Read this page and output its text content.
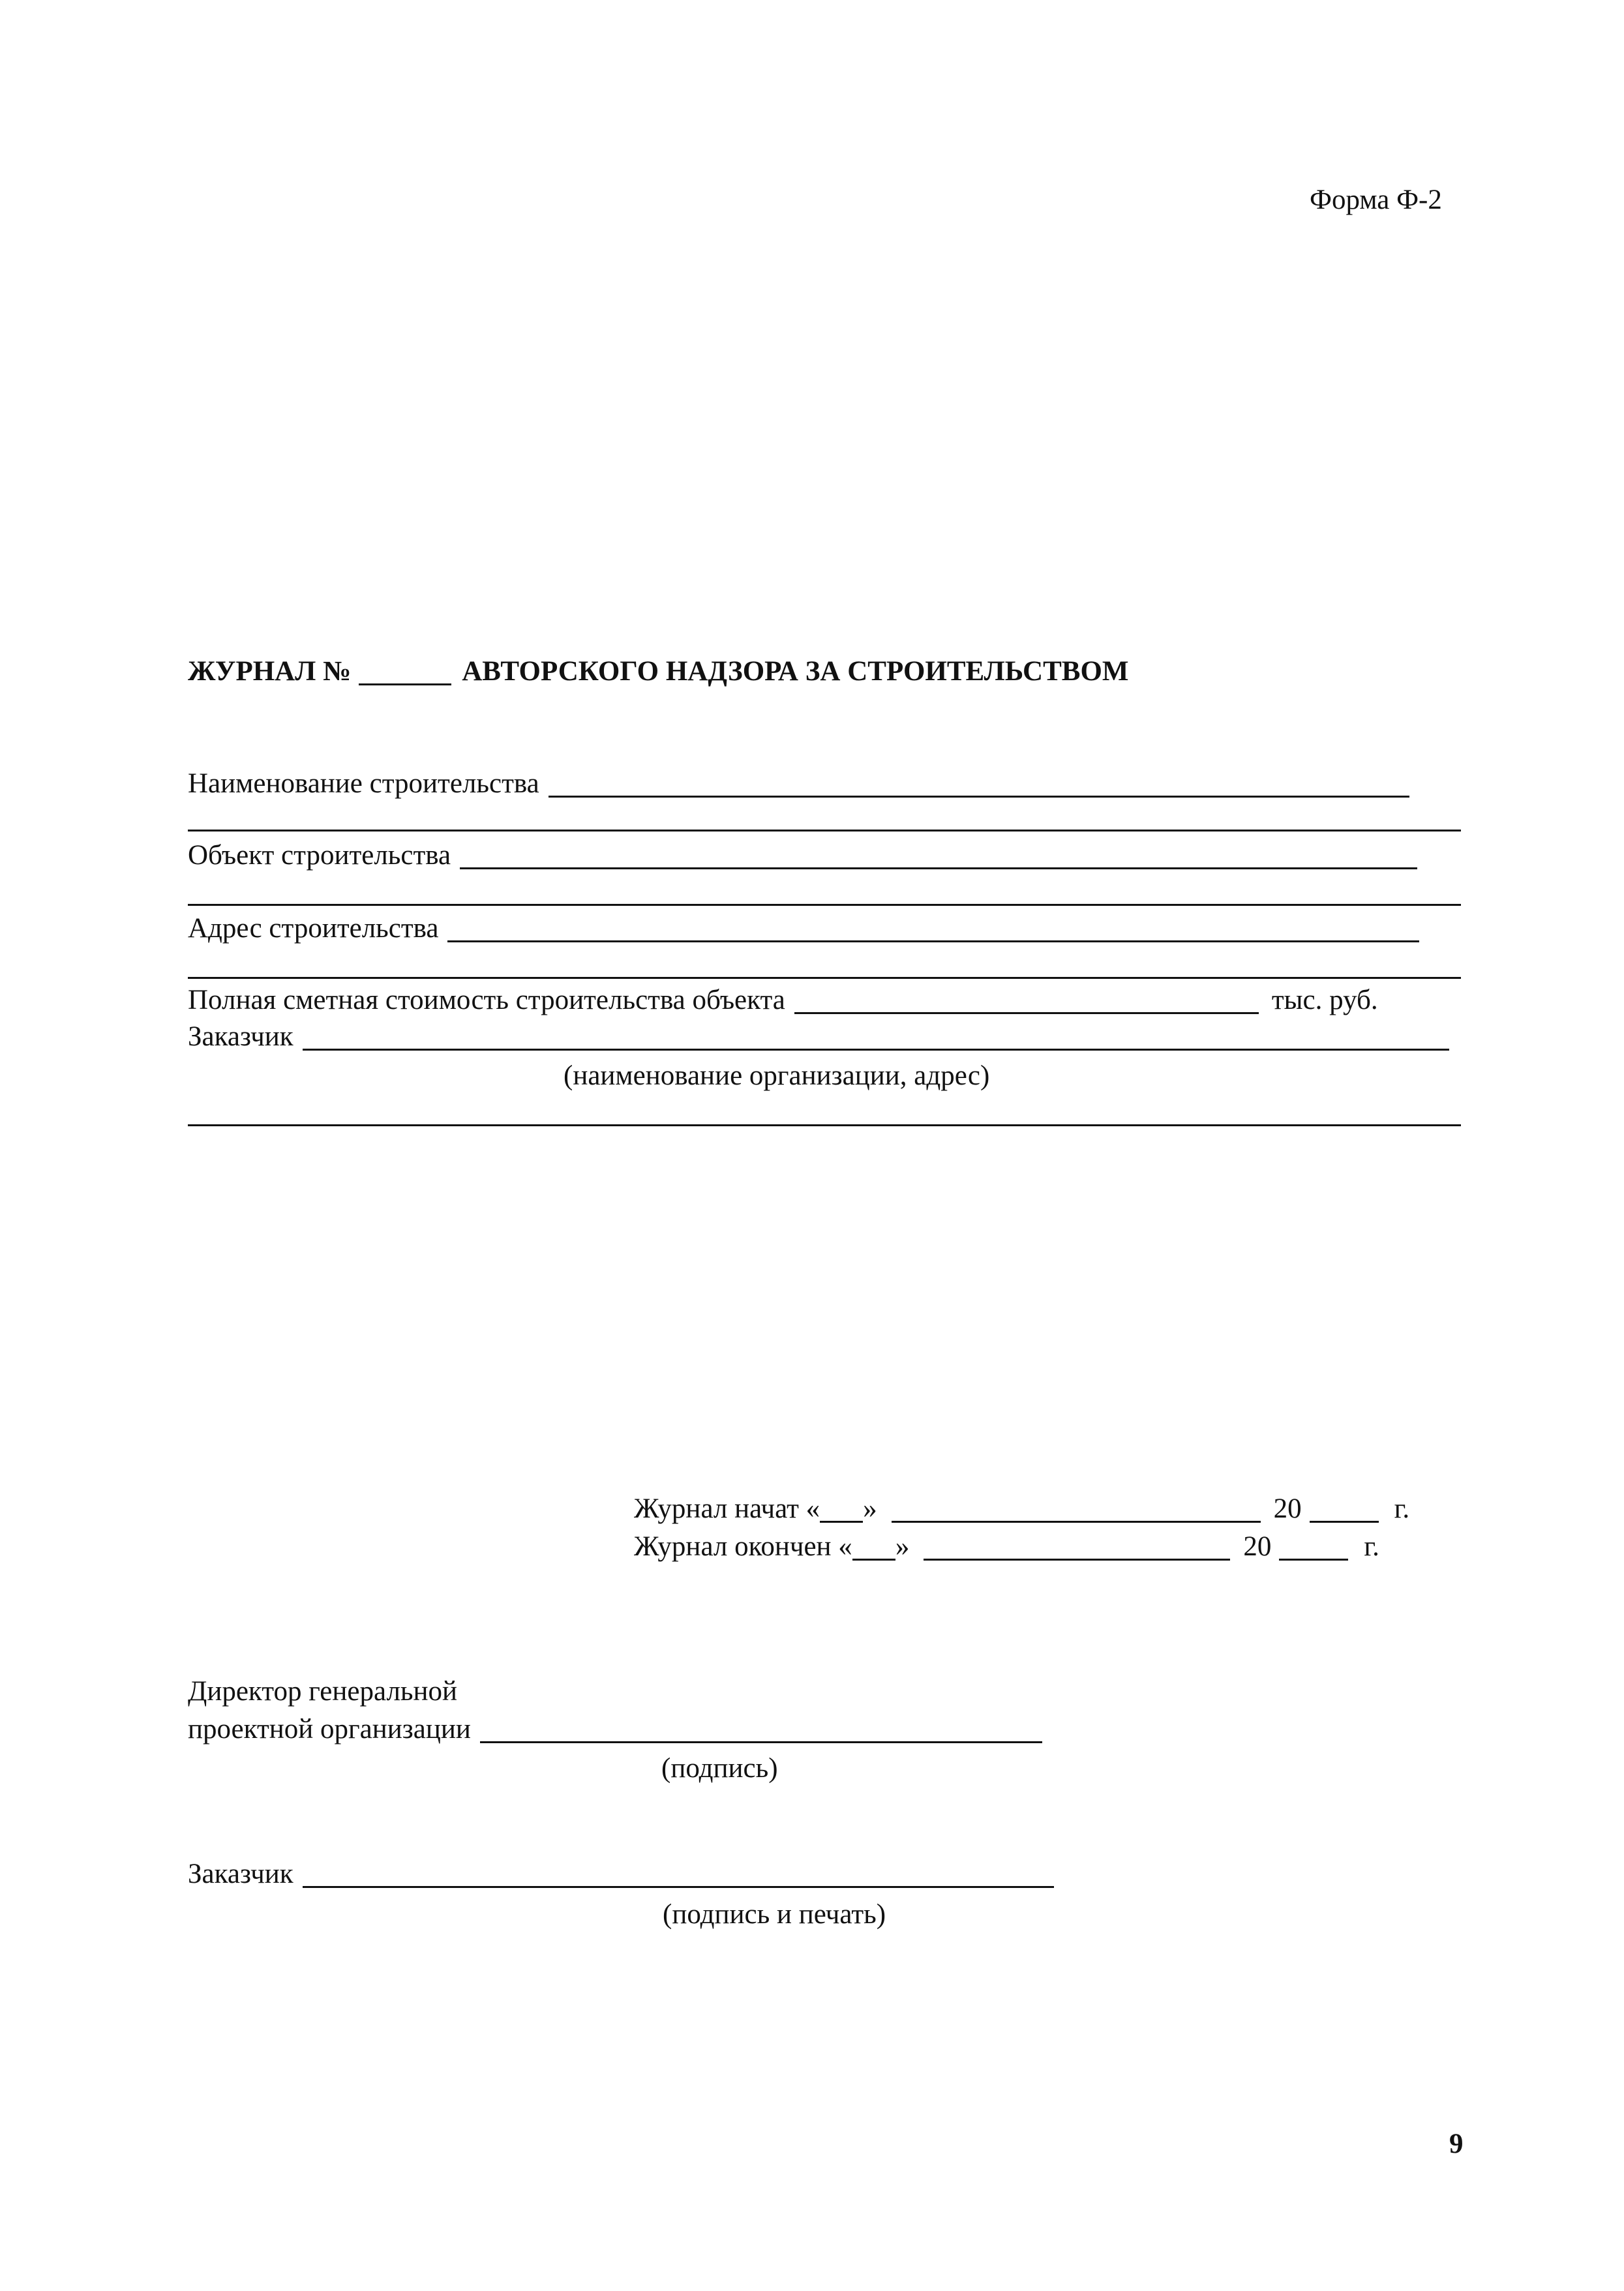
Форма Ф-2
ЖУРНАЛ №	АВТОРСКОГО НАДЗОРА ЗА СТРОИТЕЛЬСТВОМ
Наименование строительства
Объект строительства
Адрес строительства
Полная сметная стоимость строительства объекта	тыс. руб.
Заказчик
(наименование организации, адрес)
Журнал начат « »	20	г.
Журнал окончен « »	20	г.
Директор генеральной
проектной организации
(подпись)
Заказчик
(подпись и печать)
9
